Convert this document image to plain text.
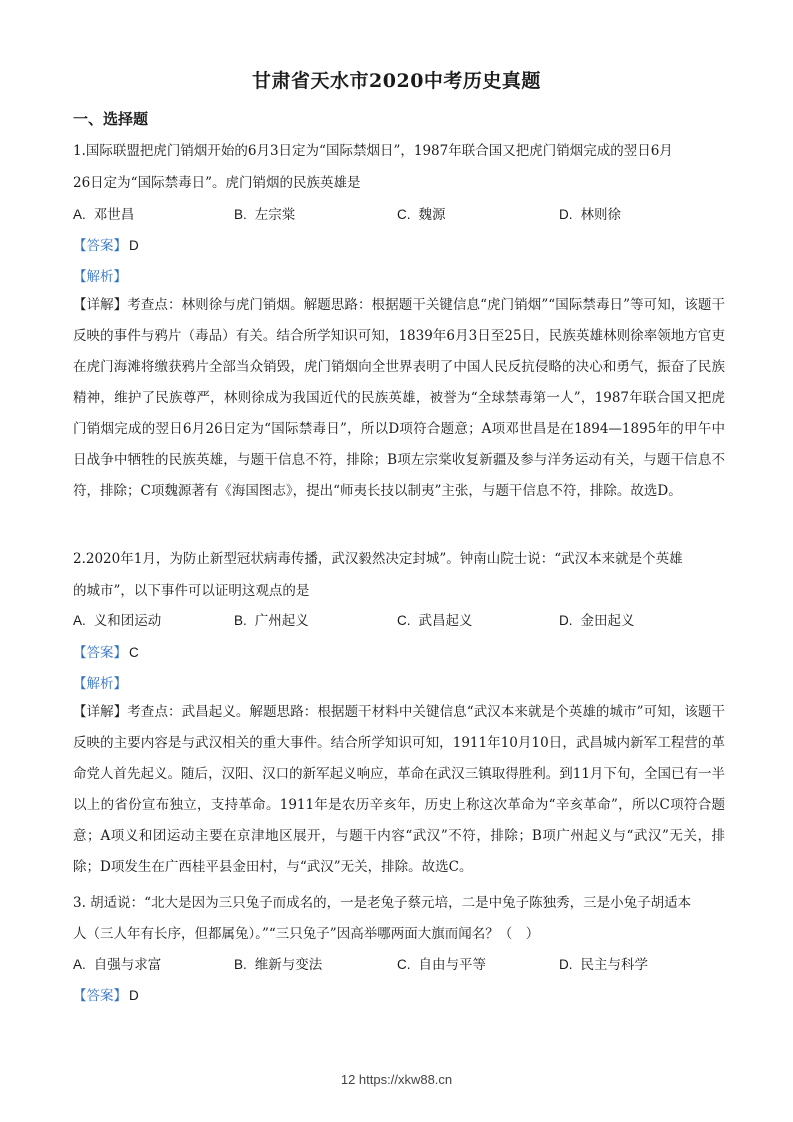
甘肃省天水市2020中考历史真题
一、选择题
1.国际联盟把虎门销烟开始的6月3日定为“国际禁烟日”，1987年联合国又把虎门销烟完成的翌日6月
26日定为“国际禁毒日”。虎门销烟的民族英雄是
A. 邓世昌	B. 左宗棠	C. 魏源	D. 林则徐
【答案】 D
【解析】
【详解】考查点：林则徐与虎门销烟。解题思路：根据题干关键信息“虎门销烟”“国际禁毒日”等可知，该题干反映的事件与鸦片（毒品）有关。结合所学知识可知，1839年6月3日至25日，民族英雄林则徐率领地方官吏在虎门海滩将缴获鸦片全部当众销毁，虎门销烟向全世界表明了中国人民反抗侵略的决心和勇气，振奋了民族精神，维护了民族尊严，林则徐成为我国近代的民族英雄，被誉为“全球禁毒第一人”，1987年联合国又把虎门销烟完成的翌日6月26日定为“国际禁毒日”，所以D项符合题意；A项邓世昌是在1894—1895年的甲午中日战争中牺牲的民族英雄，与题干信息不符，排除；B项左宗棠收复新疆及参与洋务运动有关，与题干信息不符，排除；C项魏源著有《海国图志》，提出“师夷长技以制夷”主张，与题干信息不符，排除。故选D。
2.2020年1月，为防止新型冠状病毒传播，武汉毅然决定封城”。钟南山院士说：“武汉本来就是个英雄
的城市”，以下事件可以证明这观点的是
A. 义和团运动	B. 广州起义	C. 武昌起义	D. 金田起义
【答案】 C
【解析】
【详解】考查点：武昌起义。解题思路：根据题干材料中关键信息“武汉本来就是个英雄的城市”可知，该题干反映的主要内容是与武汉相关的重大事件。结合所学知识可知，1911年10月10日，武昌城内新军工程营的革命党人首先起义。随后，汉阳、汉口的新军起义响应，革命在武汉三镇取得胜利。到11月下旬，全国已有一半以上的省份宣布独立，支持革命。1911年是农历辛亥年，历史上称这次革命为“辛亥革命”，所以C项符合题意；A项义和团运动主要在京津地区展开，与题干内容“武汉”不符，排除；B项广州起义与“武汉”无关，排除；D项发生在广西桂平县金田村，与“武汉”无关，排除。故选C。
3. 胡适说：“北大是因为三只兔子而成名的，一是老兔子蔡元培，二是中兔子陈独秀，三是小兔子胡适本
人（三人年有长序，但都属兔）。”“三只兔子”因高举哪两面大旗而闻名？（　）
A. 自强与求富	B. 维新与变法	C. 自由与平等	D. 民主与科学
【答案】 D
12 https://xkw88.cn
